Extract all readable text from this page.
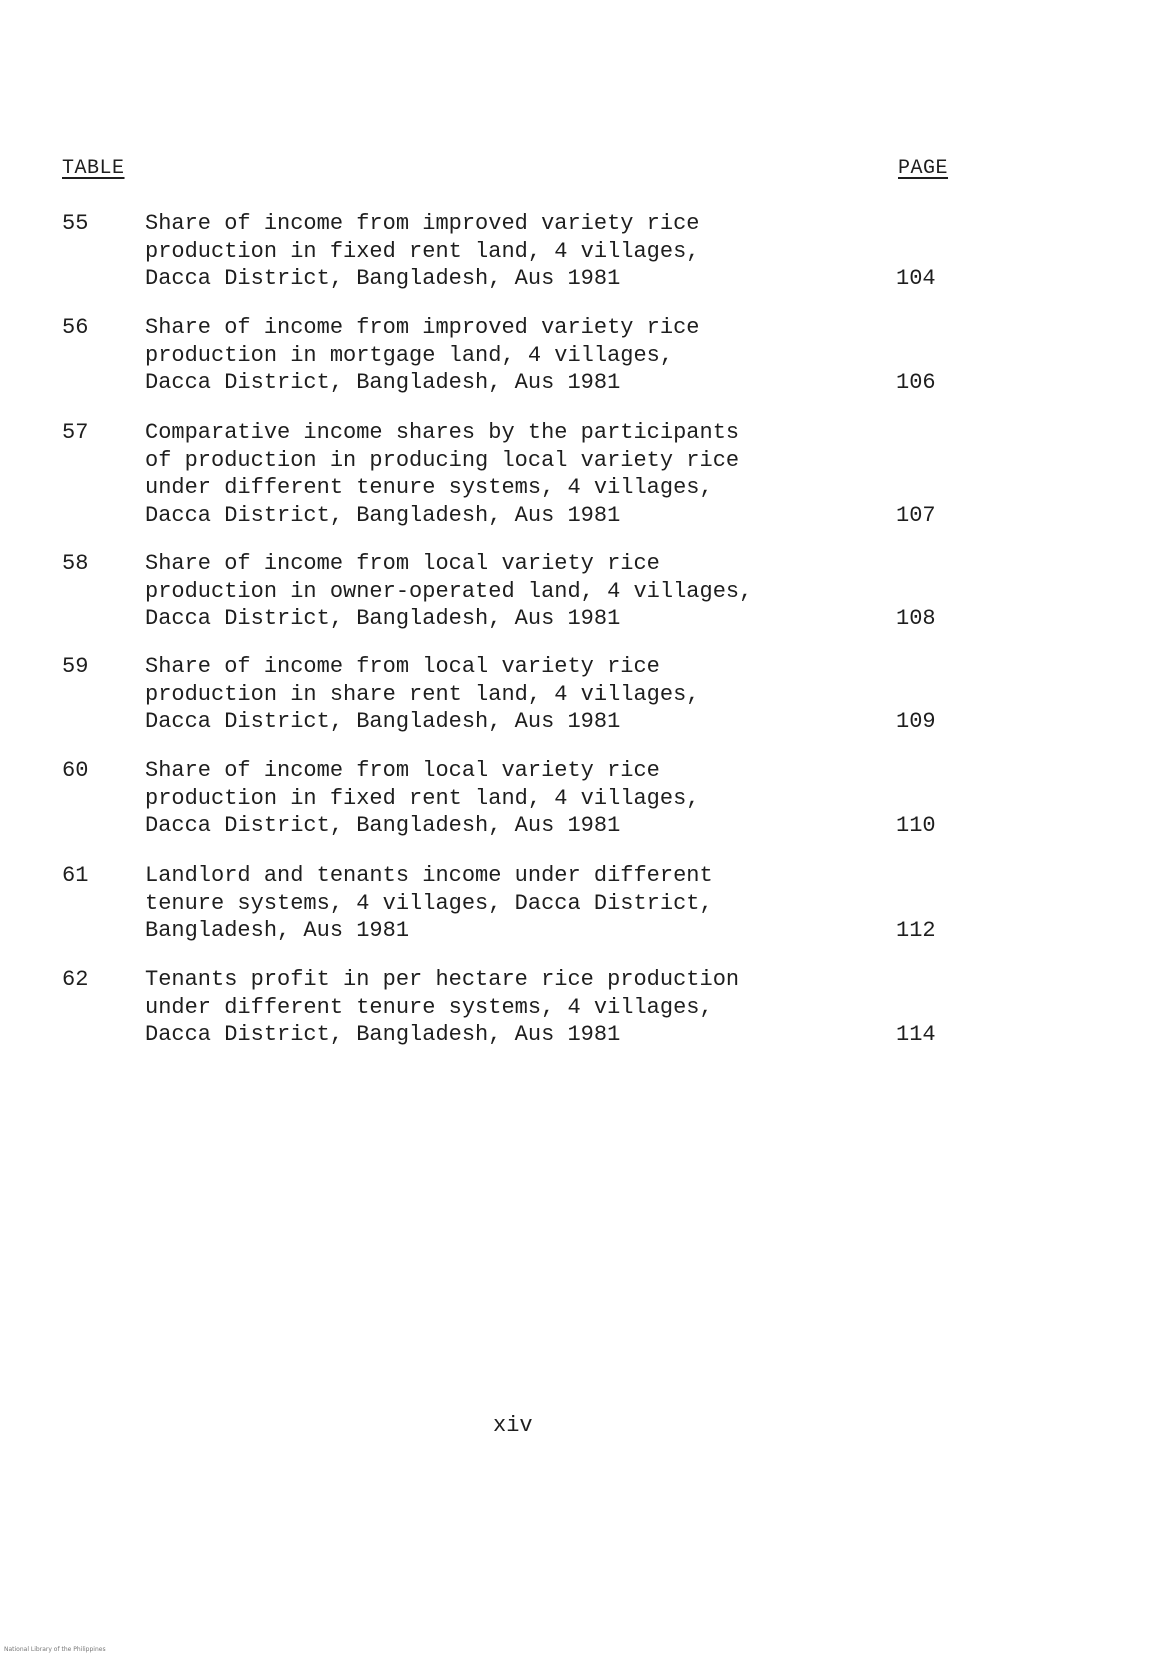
TABLE	PAGE
55	Share of income from improved variety rice
production in fixed rent land, 4 villages,
Dacca District, Bangladesh, Aus 1981	104
56	Share of income from improved variety rice
production in mortgage land, 4 villages,
Dacca District, Bangladesh, Aus 1981	106
57	Comparative income shares by the participants
of production in producing local variety rice
under different tenure systems, 4 villages,
Dacca District, Bangladesh, Aus 1981	107
58	Share of income from local variety rice
production in owner-operated land, 4 villages,
Dacca District, Bangladesh, Aus 1981	108
59	Share of income from local variety rice
production in share rent land, 4 villages,
Dacca District, Bangladesh, Aus 1981	109
60	Share of income from local variety rice
production in fixed rent land, 4 villages,
Dacca District, Bangladesh, Aus 1981	110
61	Landlord and tenants income under different
tenure systems, 4 villages, Dacca District,
Bangladesh, Aus 1981	112
62	Tenants profit in per hectare rice production
under different tenure systems, 4 villages,
Dacca District, Bangladesh, Aus 1981	114
xiv
National Library of the Philippines
